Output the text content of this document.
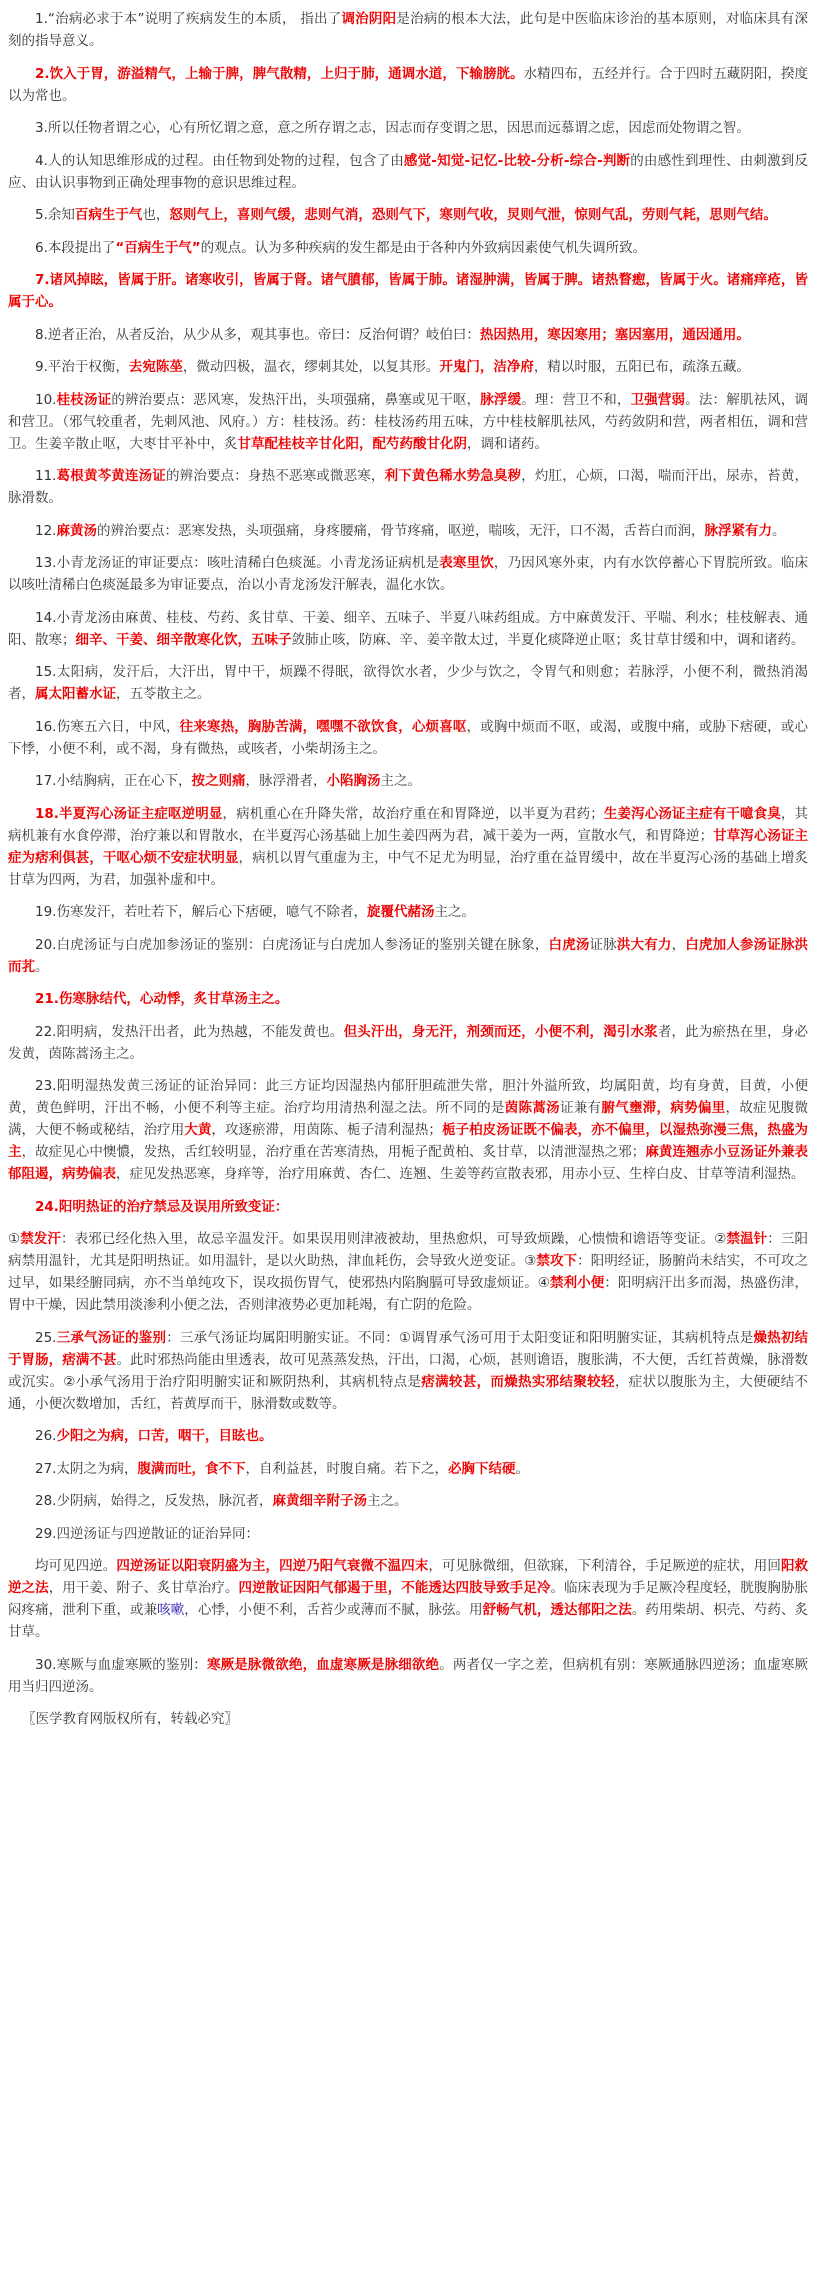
1.“治病必求于本”说明了疾病发生的本质， 指出了调治阴阳是治病的根本大法，此句是中医临床诊治的基本原则，对临床具有深刻的指导意义。

2.饮入于胃，游溢精气，上输于脾，脾气散精，上归于肺，通调水道，下输膀胱。水精四布，五经并行。合于四时五藏阴阳，揆度以为常也。

3.所以任物者谓之心，心有所忆谓之意，意之所存谓之志，因志而存变谓之思，因思而远慕谓之虑，因虑而处物谓之智。

4.人的认知思维形成的过程。由任物到处物的过程，包含了由感觉-知觉-记忆-比较-分析-综合-判断的由感性到理性、由刺激到反应、由认识事物到正确处理事物的意识思维过程。

5.余知百病生于气也，怒则气上，喜则气缓，悲则气消，恐则气下，寒则气收，炅则气泄，惊则气乱，劳则气耗，思则气结。

6.本段提出了“百病生于气”的观点。认为多种疾病的发生都是由于各种内外致病因素使气机失调所致。

7.诸风掉眩，皆属于肝。诸寒收引，皆属于肾。诸气膹郁，皆属于肺。诸湿肿满，皆属于脾。诸热瞀瘛，皆属于火。诸痛痒疮，皆属于心。

8.逆者正治，从者反治，从少从多，观其事也。帝曰：反治何谓？岐伯曰：热因热用，寒因寒用；塞因塞用，通因通用。

9.平治于权衡，去宛陈莝，微动四极，温衣，缪刺其处，以复其形。开鬼门，洁净府，精以时服，五阳已布，疏涤五藏。

10.桂枝汤证的辨治要点：恶风寒，发热汗出，头项强痛，鼻塞或见干呕，脉浮缓。理：营卫不和，卫强营弱。法：解肌祛风，调和营卫。（邪气较重者，先刺风池、风府。）方：桂枝汤。药：桂枝汤药用五味，方中桂枝解肌祛风，芍药敛阴和营，两者相伍，调和营卫。生姜辛散止呕，大枣甘平补中，炙甘草配桂枝辛甘化阳，配芍药酸甘化阴，调和诸药。

11.葛根黄芩黄连汤证的辨治要点：身热不恶寒或微恶寒，利下黄色稀水势急臭秽，灼肛，心烦，口渴，喘而汗出，尿赤，苔黄，脉滑数。

12.麻黄汤的辨治要点：恶寒发热，头项强痛，身疼腰痛，骨节疼痛，呕逆，喘咳，无汗，口不渴，舌苔白而润，脉浮紧有力。

13.小青龙汤证的审证要点：咳吐清稀白色痰涎。小青龙汤证病机是表寒里饮，乃因风寒外束，内有水饮停蓄心下胃脘所致。临床以咳吐清稀白色痰涎最多为审证要点，治以小青龙汤发汗解表，温化水饮。

14.小青龙汤由麻黄、桂枝、芍药、炙甘草、干姜、细辛、五味子、半夏八味药组成。方中麻黄发汗、平喘、利水；桂枝解表、通阳、散寒；细辛、干姜、细辛散寒化饮，五味子敛肺止咳，防麻、辛、姜辛散太过，半夏化痰降逆止呕；炙甘草甘缓和中，调和诸药。

15.太阳病，发汗后，大汗出，胃中干，烦躁不得眠，欲得饮水者，少少与饮之，令胃气和则愈；若脉浮，小便不利，微热消渴者，属太阳蓄水证，五苓散主之。

16.伤寒五六日，中风，往来寒热，胸胁苦满，嘿嘿不欲饮食，心烦喜呕，或胸中烦而不呕，或渴，或腹中痛，或胁下痞硬，或心下悸，小便不利，或不渴，身有微热，或咳者，小柴胡汤主之。

17.小结胸病，正在心下，按之则痛，脉浮滑者，小陷胸汤主之。

18.半夏泻心汤证主症呕逆明显，病机重心在升降失常，故治疗重在和胃降逆，以半夏为君药；生姜泻心汤证主症有干噫食臭，其病机兼有水食停滞，治疗兼以和胃散水，在半夏泻心汤基础上加生姜四两为君，减干姜为一两，宣散水气，和胃降逆；甘草泻心汤证主症为痞利俱甚，干呕心烦不安症状明显，病机以胃气重虚为主，中气不足尤为明显，治疗重在益胃缓中，故在半夏泻心汤的基础上增炙甘草为四两，为君，加强补虚和中。

19.伤寒发汗，若吐若下，解后心下痞硬，噫气不除者，旋覆代赭汤主之。

20.白虎汤证与白虎加参汤证的鉴别：白虎汤证与白虎加人参汤证的鉴别关键在脉象，白虎汤证脉洪大有力，白虎加人参汤证脉洪而芤。

21.伤寒脉结代，心动悸，炙甘草汤主之。

22.阳明病，发热汗出者，此为热越，不能发黄也。但头汗出，身无汗，剂颈而还，小便不利，渴引水浆者，此为瘀热在里，身必发黄，茵陈蒿汤主之。

23.阳明湿热发黄三汤证的证治异同：此三方证均因湿热内郁肝胆疏泄失常，胆汁外溢所致，均属阳黄，均有身黄，目黄，小便黄，黄色鲜明，汗出不畅，小便不利等主症。治疗均用清热利湿之法。所不同的是茵陈蒿汤证兼有腑气壅滞，病势偏里，故症见腹微满，大便不畅或秘结，治疗用大黄，攻逐瘀滞，用茵陈、栀子清利湿热；栀子柏皮汤证既不偏表，亦不偏里，以湿热弥漫三焦，热盛为主，故症见心中懊憹，发热，舌红较明显，治疗重在苦寒清热，用栀子配黄柏、炙甘草，以清泄湿热之邪；麻黄连翘赤小豆汤证外兼表郁阻遏，病势偏表，症见发热恶寒，身痒等，治疗用麻黄、杏仁、连翘、生姜等药宣散表邪，用赤小豆、生梓白皮、甘草等清利湿热。

24.阳明热证的治疗禁忌及误用所致变证：

①禁发汗：表邪已经化热入里，故忌辛温发汗。如果误用则津液被劫，里热愈炽，可导致烦躁，心愦愦和谵语等变证。②禁温针：三阳病禁用温针，尤其是阳明热证。如用温针，是以火助热，津血耗伤，会导致火逆变证。③禁攻下：阳明经证，肠腑尚未结实，不可攻之过早，如果经腑同病，亦不当单纯攻下，误攻损伤胃气，使邪热内陷胸膈可导致虚烦证。④禁利小便：阳明病汗出多而渴，热盛伤津，胃中干燥，因此禁用淡渗利小便之法，否则津液势必更加耗竭，有亡阴的危险。

25.三承气汤证的鉴别：三承气汤证均属阳明腑实证。不同：①调胃承气汤可用于太阳变证和阳明腑实证，其病机特点是燥热初结于胃肠，痞满不甚。此时邪热尚能由里透表，故可见蒸蒸发热，汗出，口渴，心烦，甚则谵语，腹胀满，不大便，舌红苔黄燥，脉滑数或沉实。②小承气汤用于治疗阳明腑实证和厥阴热利，其病机特点是痞满较甚，而燥热实邪结聚较轻，症状以腹胀为主，大便硬结不通，小便次数增加，舌红，苔黄厚而干，脉滑数或数等。

26.少阳之为病，口苦，咽干，目眩也。

27.太阴之为病，腹满而吐，食不下，自利益甚，时腹自痛。若下之，必胸下结硬。

28.少阴病，始得之，反发热，脉沉者，麻黄细辛附子汤主之。

29.四逆汤证与四逆散证的证治异同：

均可见四逆。四逆汤证以阳衰阴盛为主，四逆乃阳气衰微不温四末，可见脉微细，但欲寐，下利清谷，手足厥逆的症状，用回阳救逆之法，用干姜、附子、炙甘草治疗。四逆散证因阳气郁遏于里，不能透达四肢导致手足冷。临床表现为手足厥冷程度轻，胱腹胸胁胀闷疼痛，泄利下重，或兼咳嗽，心悸，小便不利，舌苔少或薄而不腻，脉弦。用舒畅气机，透达郁阳之法。药用柴胡、枳壳、芍药、炙甘草。

30.寒厥与血虚寒厥的鉴别：寒厥是脉微欲绝，血虚寒厥是脉细欲绝。两者仅一字之差，但病机有别：寒厥通脉四逆汤；血虚寒厥用当归四逆汤。

〖医学教育网版权所有，转载必究〗
